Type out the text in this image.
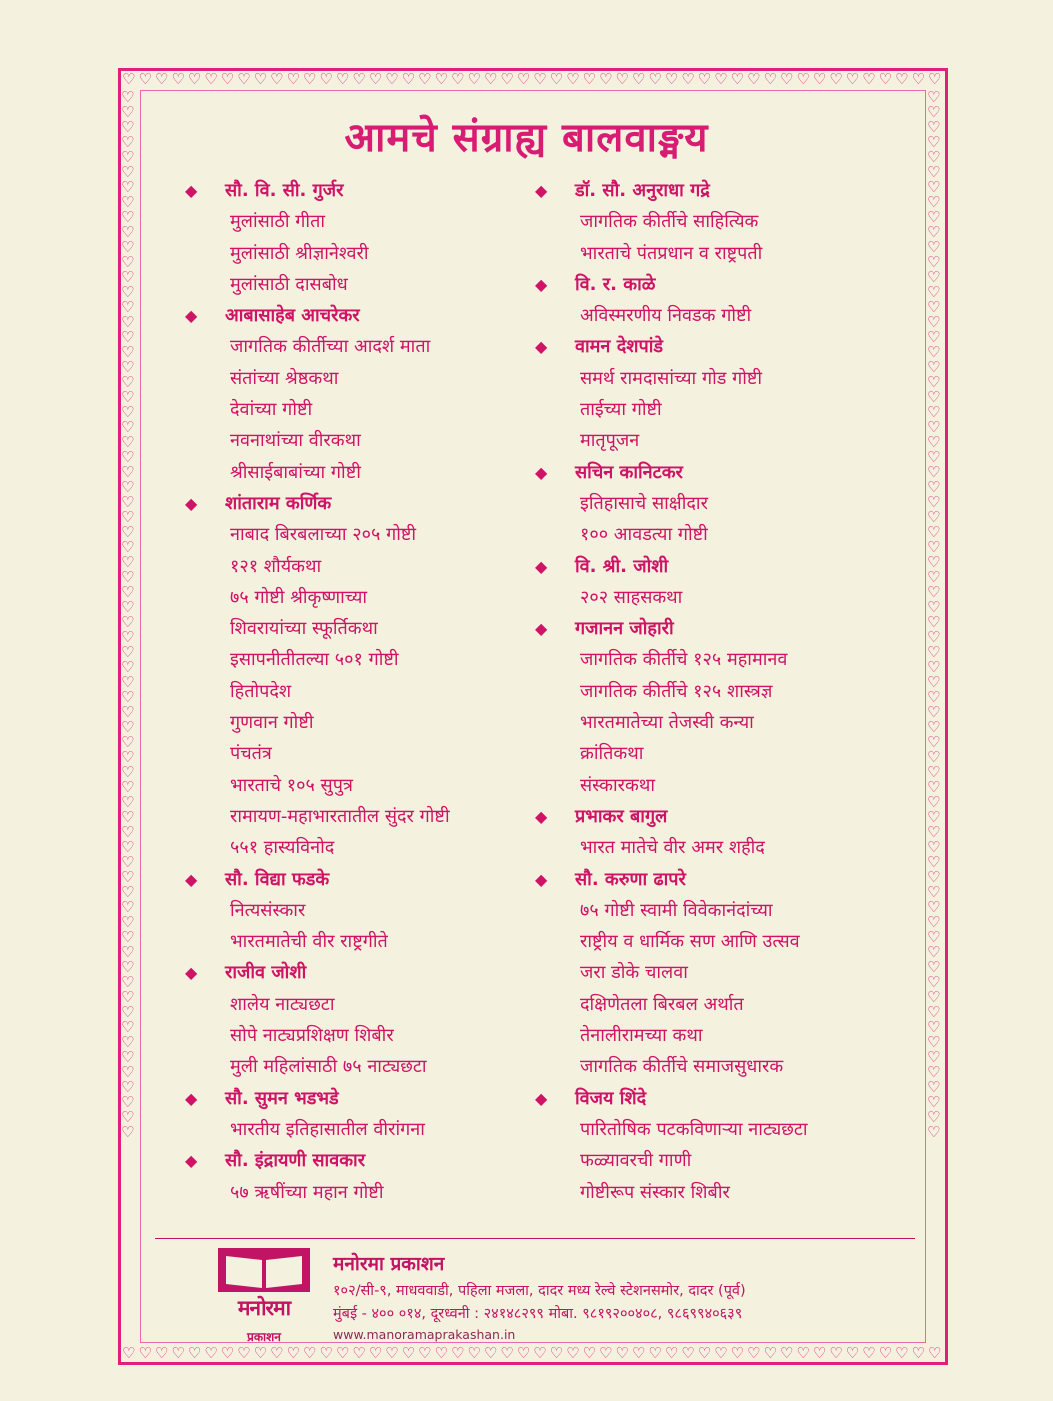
♡♡♡♡♡♡♡♡♡♡♡♡♡♡♡♡♡♡♡♡♡♡♡♡♡♡♡♡♡♡♡♡♡♡♡♡♡♡♡♡♡♡♡♡♡♡♡♡♡♡
♡♡♡♡♡♡♡♡♡♡♡♡♡♡♡♡♡♡♡♡♡♡♡♡♡♡♡♡♡♡♡♡♡♡♡♡♡♡♡♡♡♡♡♡♡♡♡♡♡♡
♡♡♡♡♡♡♡♡♡♡♡♡♡♡♡♡♡♡♡♡♡♡♡♡♡♡♡♡♡♡♡♡♡♡♡♡♡♡♡♡♡♡♡♡♡♡♡♡♡♡♡♡♡♡♡♡♡♡♡♡♡♡♡♡♡♡♡♡♡♡
♡♡♡♡♡♡♡♡♡♡♡♡♡♡♡♡♡♡♡♡♡♡♡♡♡♡♡♡♡♡♡♡♡♡♡♡♡♡♡♡♡♡♡♡♡♡♡♡♡♡♡♡♡♡♡♡♡♡♡♡♡♡♡♡♡♡♡♡♡♡
आमचे संग्राह्य बालवाङ्मय
◆ सौ. वि. सी. गुर्जर
मुलांसाठी गीता
मुलांसाठी श्रीज्ञानेश्वरी
मुलांसाठी दासबोध
◆ आबासाहेब आचरेकर
जागतिक कीर्तीच्या आदर्श माता
संतांच्या श्रेष्ठकथा
देवांच्या गोष्टी
नवनाथांच्या वीरकथा
श्रीसाईबाबांच्या गोष्टी
◆ शांताराम कर्णिक
नाबाद बिरबलाच्या २०५ गोष्टी
१२१ शौर्यकथा
७५ गोष्टी श्रीकृष्णाच्या
शिवरायांच्या स्फूर्तिकथा
इसापनीतीतल्या ५०१ गोष्टी
हितोपदेश
गुणवान गोष्टी
पंचतंत्र
भारताचे १०५ सुपुत्र
रामायण-महाभारतातील सुंदर गोष्टी
५५१ हास्यविनोद
◆ सौ. विद्या फडके
नित्यसंस्कार
भारतमातेची वीर राष्ट्रगीते
◆ राजीव जोशी
शालेय नाट्यछटा
सोपे नाट्यप्रशिक्षण शिबीर
मुली महिलांसाठी ७५ नाट्यछटा
◆ सौ. सुमन भडभडे
भारतीय इतिहासातील वीरांगना
◆ सौ. इंद्रायणी सावकार
५७ ऋषींच्या महान गोष्टी
◆ डॉ. सौ. अनुराधा गद्रे
जागतिक कीर्तीचे साहित्यिक
भारताचे पंतप्रधान व राष्ट्रपती
◆ वि. र. काळे
अविस्मरणीय निवडक गोष्टी
◆ वामन देशपांडे
समर्थ रामदासांच्या गोड गोष्टी
ताईच्या गोष्टी
मातृपूजन
◆ सचिन कानिटकर
इतिहासाचे साक्षीदार
१०० आवडत्या गोष्टी
◆ वि. श्री. जोशी
२०२ साहसकथा
◆ गजानन जोहारी
जागतिक कीर्तीचे १२५ महामानव
जागतिक कीर्तीचे १२५ शास्त्रज्ञ
भारतमातेच्या तेजस्वी कन्या
क्रांतिकथा
संस्कारकथा
◆ प्रभाकर बागुल
भारत मातेचे वीर अमर शहीद
◆ सौ. करुणा ढापरे
७५ गोष्टी स्वामी विवेकानंदांच्या
राष्ट्रीय व धार्मिक सण आणि उत्सव
जरा डोके चालवा
दक्षिणेतला बिरबल अर्थात
तेनालीरामच्या कथा
जागतिक कीर्तीचे समाजसुधारक
◆ विजय शिंदे
पारितोषिक पटकविणाऱ्या नाट्यछटा
फळ्यावरची गाणी
गोष्टीरूप संस्कार शिबीर
मनोरमा
प्रकाशन
मनोरमा प्रकाशन
१०२/सी-९, माधववाडी, पहिला मजला, दादर मध्य रेल्वे स्टेशनसमोर, दादर (पूर्व)
मुंबई - ४०० ०१४, दूरध्वनी : २४१४८२९९ मोबा. ९८१९२००४०८, ९८६९९४०६३९
www.manoramaprakashan.in
